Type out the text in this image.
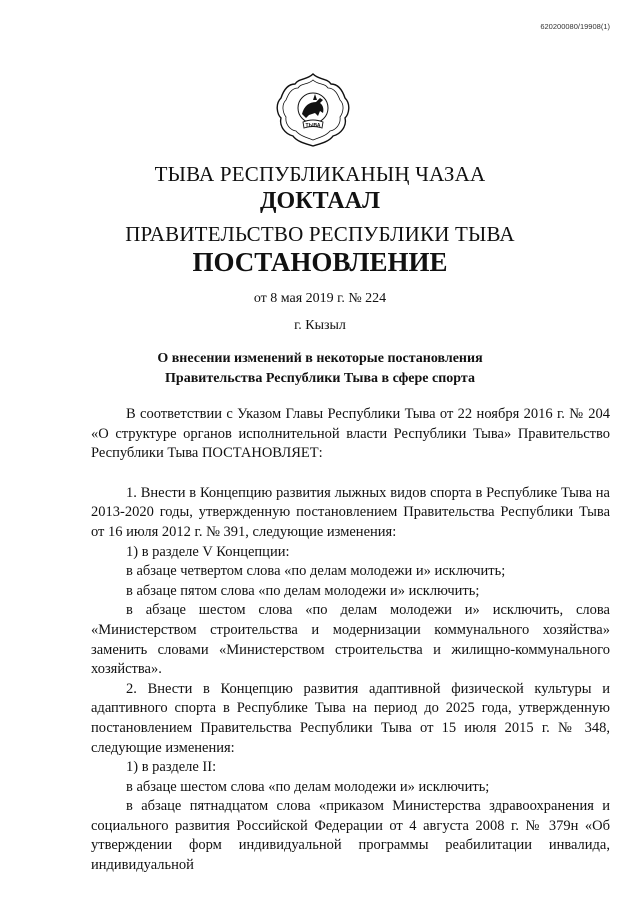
620200080/19908(1)
ТЫВА
ТЫВА РЕСПУБЛИКАНЫҢ ЧАЗАА
ДОКТААЛ
ПРАВИТЕЛЬСТВО РЕСПУБЛИКИ ТЫВА
ПОСТАНОВЛЕНИЕ
от 8 мая 2019 г. № 224
г. Кызыл
О внесении изменений в некоторые постановления
Правительства Республики Тыва в сфере спорта

В соответствии с Указом Главы Республики Тыва от 22 ноября 2016 г. № 204 «О структуре органов исполнительной власти Республики Тыва» Правительство Республики Тыва ПОСТАНОВЛЯЕТ:

1. Внести в Концепцию развития лыжных видов спорта в Республике Тыва на 2013-2020 годы, утвержденную постановлением Правительства Республики Тыва от 16 июля 2012 г. № 391, следующие изменения:

1) в разделе V Концепции:

в абзаце четвертом слова «по делам молодежи и» исключить;

в абзаце пятом слова «по делам молодежи и» исключить;

в абзаце шестом слова «по делам молодежи и» исключить, слова «Министерством строительства и модернизации коммунального хозяйства» заменить словами «Министерством строительства и жилищно-коммунального хозяйства».

2. Внести в Концепцию развития адаптивной физической культуры и адаптивного спорта в Республике Тыва на период до 2025 года, утвержденную постановлением Правительства Республики Тыва от 15 июля 2015 г. № 348, следующие изменения:

1) в разделе II:

в абзаце шестом слова «по делам молодежи и» исключить;

в абзаце пятнадцатом слова «приказом Министерства здравоохранения и социального развития Российской Федерации от 4 августа 2008 г. № 379н «Об утверждении форм индивидуальной программы реабилитации инвалида, индивидуальной
